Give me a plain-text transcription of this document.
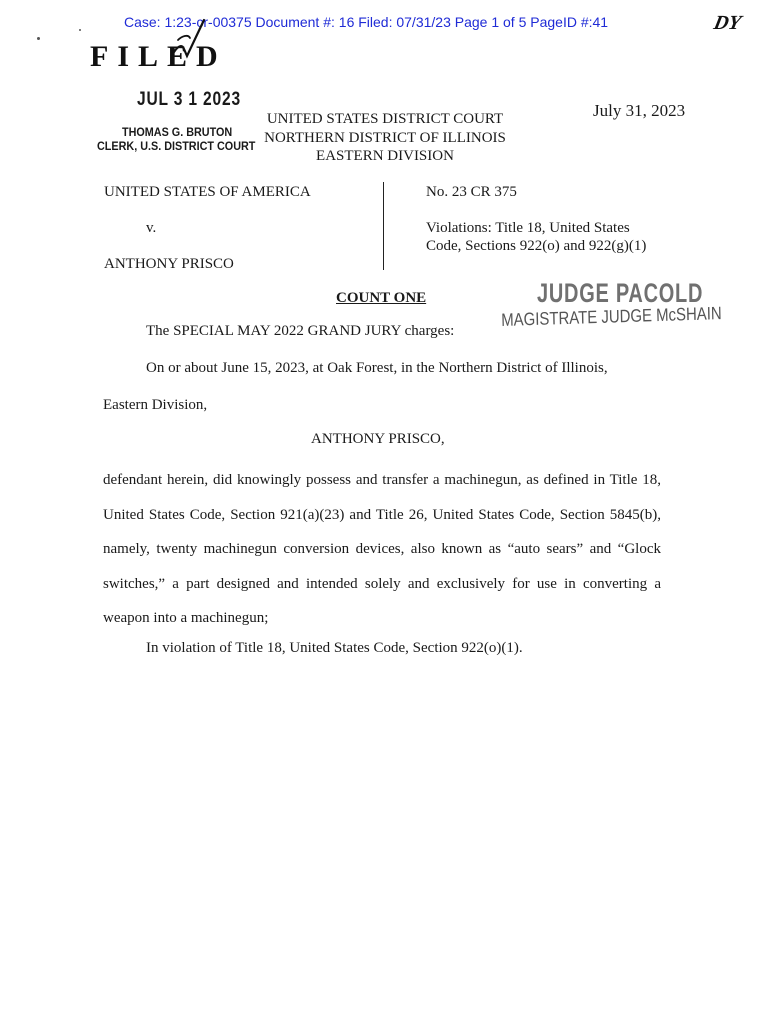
Case: 1:23-cr-00375 Document #: 16 Filed: 07/31/23 Page 1 of 5 PageID #:41	DY
FILED
JUL 3 1 2023
THOMAS G. BRUTON
CLERK, U.S. DISTRICT COURT
July 31, 2023
UNITED STATES DISTRICT COURT
NORTHERN DISTRICT OF ILLINOIS
EASTERN DIVISION
UNITED STATES OF AMERICA
v.
ANTHONY PRISCO
No. 23 CR 375
Violations: Title 18, United States
Code, Sections 922(o) and 922(g)(1)
COUNT ONE	JUDGE PACOLD
MAGISTRATE JUDGE McSHAIN
The SPECIAL MAY 2022 GRAND JURY charges:
On or about June 15, 2023, at Oak Forest, in the Northern District of Illinois,
Eastern Division,
ANTHONY PRISCO,
defendant herein, did knowingly possess and transfer a machinegun, as defined in Title 18, United States Code, Section 921(a)(23) and Title 26, United States Code, Section 5845(b), namely, twenty machinegun conversion devices, also known as “auto sears” and “Glock switches,” a part designed and intended solely and exclusively for use in converting a weapon into a machinegun;
In violation of Title 18, United States Code, Section 922(o)(1).
